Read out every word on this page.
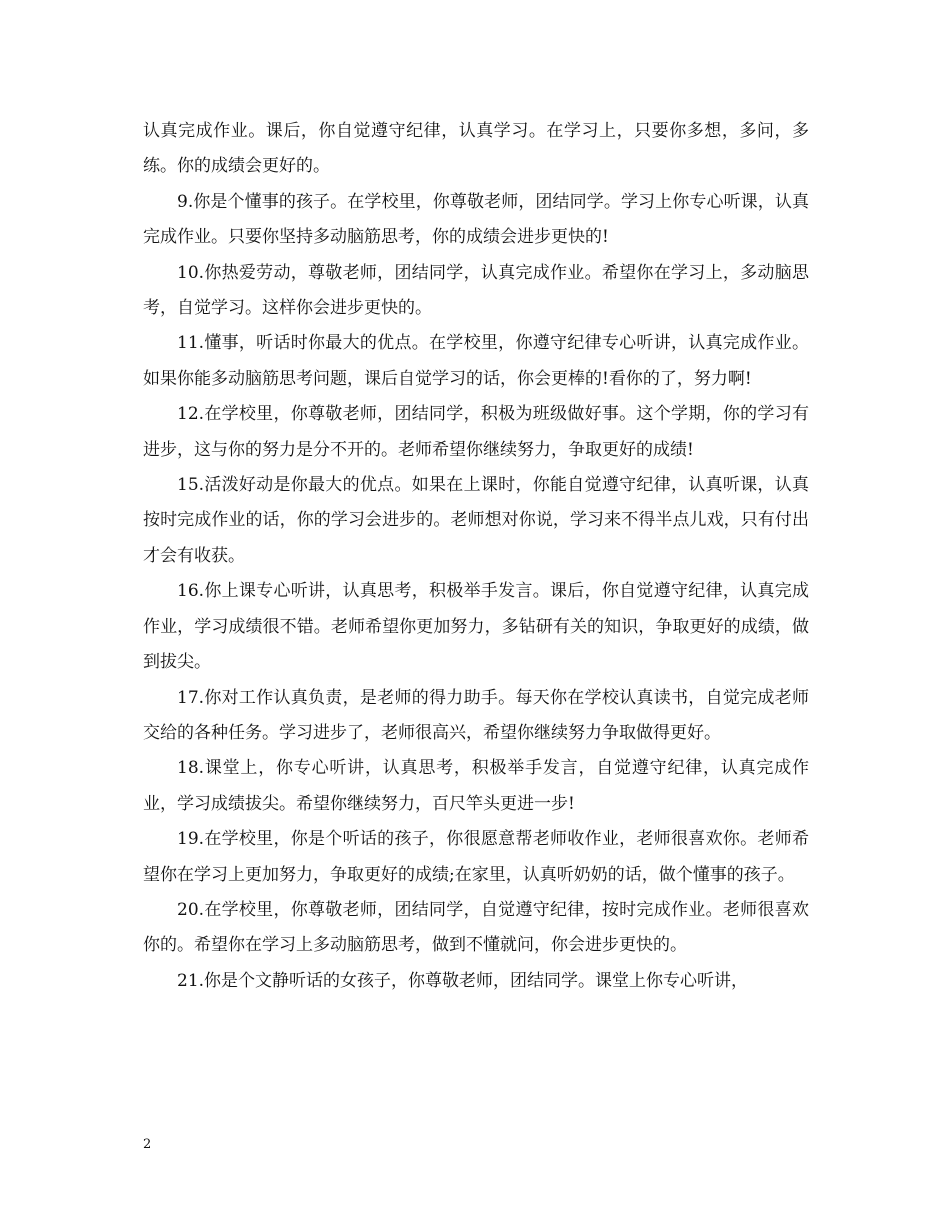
认真完成作业。课后，你自觉遵守纪律，认真学习。在学习上，只要你多想，多问，多练。你的成绩会更好的。

9.你是个懂事的孩子。在学校里，你尊敬老师，团结同学。学习上你专心听课，认真完成作业。只要你坚持多动脑筋思考，你的成绩会进步更快的!

10.你热爱劳动，尊敬老师，团结同学，认真完成作业。希望你在学习上，多动脑思考，自觉学习。这样你会进步更快的。

11.懂事，听话时你最大的优点。在学校里，你遵守纪律专心听讲，认真完成作业。如果你能多动脑筋思考问题，课后自觉学习的话，你会更棒的!看你的了，努力啊!

12.在学校里，你尊敬老师，团结同学，积极为班级做好事。这个学期，你的学习有进步，这与你的努力是分不开的。老师希望你继续努力，争取更好的成绩!

15.活泼好动是你最大的优点。如果在上课时，你能自觉遵守纪律，认真听课，认真按时完成作业的话，你的学习会进步的。老师想对你说，学习来不得半点儿戏，只有付出才会有收获。

16.你上课专心听讲，认真思考，积极举手发言。课后，你自觉遵守纪律，认真完成作业，学习成绩很不错。老师希望你更加努力，多钻研有关的知识，争取更好的成绩，做到拔尖。

17.你对工作认真负责，是老师的得力助手。每天你在学校认真读书，自觉完成老师交给的各种任务。学习进步了，老师很高兴，希望你继续努力争取做得更好。

18.课堂上，你专心听讲，认真思考，积极举手发言，自觉遵守纪律，认真完成作业，学习成绩拔尖。希望你继续努力，百尺竿头更进一步!

19.在学校里，你是个听话的孩子，你很愿意帮老师收作业，老师很喜欢你。老师希望你在学习上更加努力，争取更好的成绩;在家里，认真听奶奶的话，做个懂事的孩子。

20.在学校里，你尊敬老师，团结同学，自觉遵守纪律，按时完成作业。老师很喜欢你的。希望你在学习上多动脑筋思考，做到不懂就问，你会进步更快的。

21.你是个文静听话的女孩子，你尊敬老师，团结同学。课堂上你专心听讲，

2
